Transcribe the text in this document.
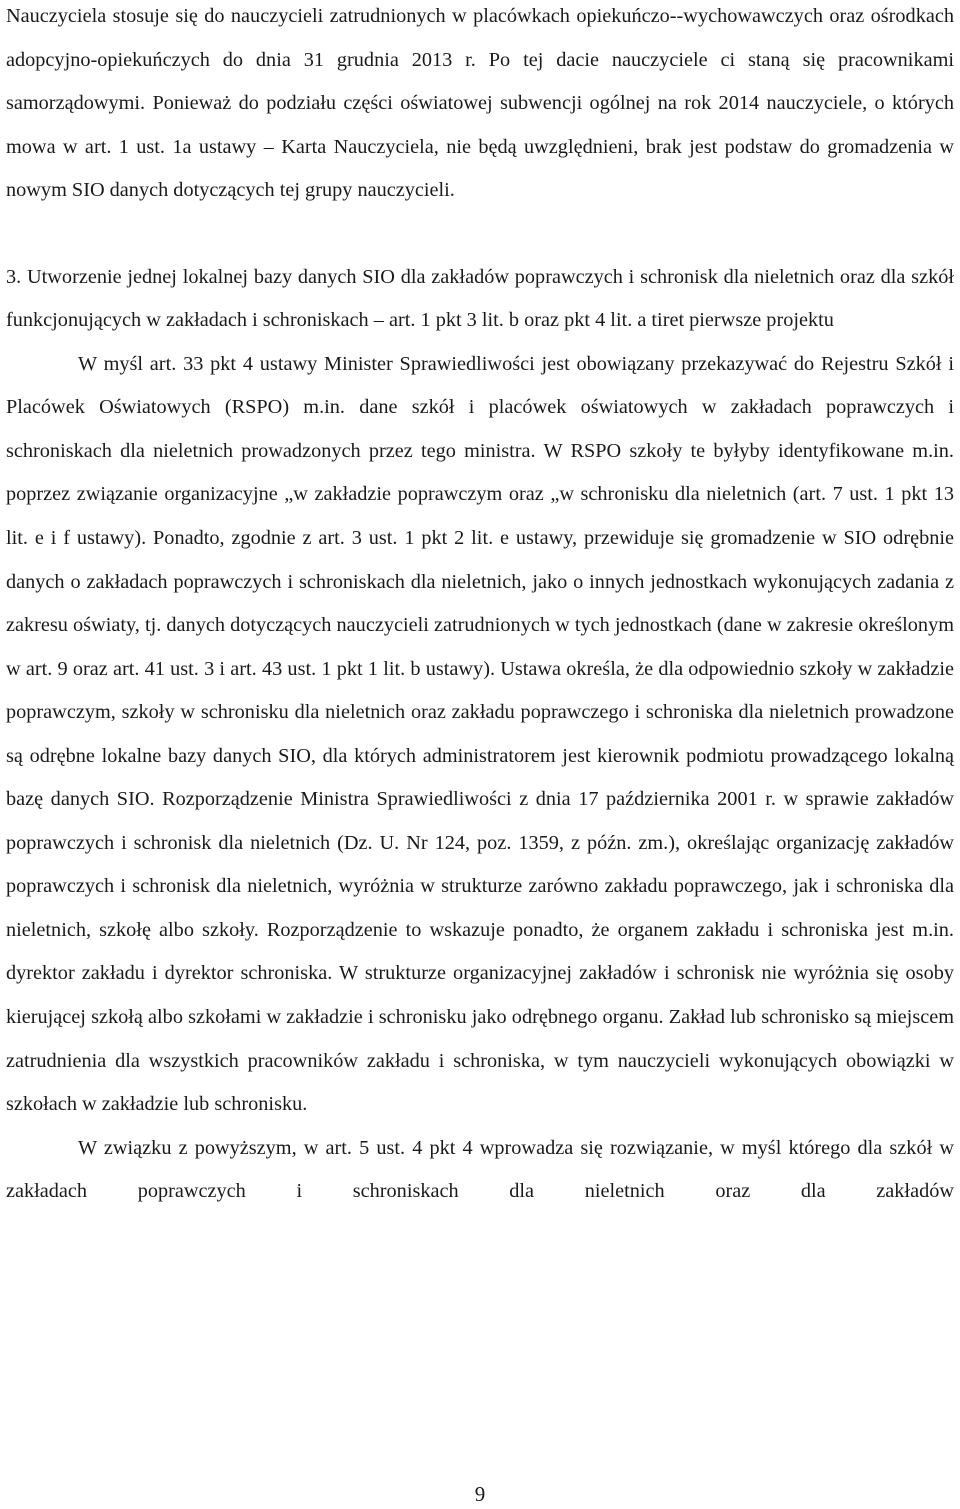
Nauczyciela stosuje się do nauczycieli zatrudnionych w placówkach opiekuńczo--wychowawczych oraz ośrodkach adopcyjno-opiekuńczych do dnia 31 grudnia 2013 r. Po tej dacie nauczyciele ci staną się pracownikami samorządowymi. Ponieważ do podziału części oświatowej subwencji ogólnej na rok 2014 nauczyciele, o których mowa w art. 1 ust. 1a ustawy – Karta Nauczyciela, nie będą uwzględnieni, brak jest podstaw do gromadzenia w nowym SIO danych dotyczących tej grupy nauczycieli.

3. Utworzenie jednej lokalnej bazy danych SIO dla zakładów poprawczych i schronisk dla nieletnich oraz dla szkół funkcjonujących w zakładach i schroniskach – art. 1 pkt 3 lit. b oraz pkt 4 lit. a tiret pierwsze projektu

W myśl art. 33 pkt 4 ustawy Minister Sprawiedliwości jest obowiązany przekazywać do Rejestru Szkół i Placówek Oświatowych (RSPO) m.in. dane szkół i placówek oświatowych w zakładach poprawczych i schroniskach dla nieletnich prowadzonych przez tego ministra. W RSPO szkoły te byłyby identyfikowane m.in. poprzez związanie organizacyjne „w zakładzie poprawczym oraz „w schronisku dla nieletnich (art. 7 ust. 1 pkt 13 lit. e i f ustawy). Ponadto, zgodnie z art. 3 ust. 1 pkt 2 lit. e ustawy, przewiduje się gromadzenie w SIO odrębnie danych o zakładach poprawczych i schroniskach dla nieletnich, jako o innych jednostkach wykonujących zadania z zakresu oświaty, tj. danych dotyczących nauczycieli zatrudnionych w tych jednostkach (dane w zakresie określonym w art. 9 oraz art. 41 ust. 3 i art. 43 ust. 1 pkt 1 lit. b ustawy). Ustawa określa, że dla odpowiednio szkoły w zakładzie poprawczym, szkoły w schronisku dla nieletnich oraz zakładu poprawczego i schroniska dla nieletnich prowadzone są odrębne lokalne bazy danych SIO, dla których administratorem jest kierownik podmiotu prowadzącego lokalną bazę danych SIO. Rozporządzenie Ministra Sprawiedliwości z dnia 17 października 2001 r. w sprawie zakładów poprawczych i schronisk dla nieletnich (Dz. U. Nr 124, poz. 1359, z późn. zm.), określając organizację zakładów poprawczych i schronisk dla nieletnich, wyróżnia w strukturze zarówno zakładu poprawczego, jak i schroniska dla nieletnich, szkołę albo szkoły. Rozporządzenie to wskazuje ponadto, że organem zakładu i schroniska jest m.in. dyrektor zakładu i dyrektor schroniska. W strukturze organizacyjnej zakładów i schronisk nie wyróżnia się osoby kierującej szkołą albo szkołami w zakładzie i schronisku jako odrębnego organu. Zakład lub schronisko są miejscem zatrudnienia dla wszystkich pracowników zakładu i schroniska, w tym nauczycieli wykonujących obowiązki w szkołach w zakładzie lub schronisku.

W związku z powyższym, w art. 5 ust. 4 pkt 4 wprowadza się rozwiązanie, w myśl którego dla szkół w zakładach poprawczych i schroniskach dla nieletnich oraz dla zakładów

9
